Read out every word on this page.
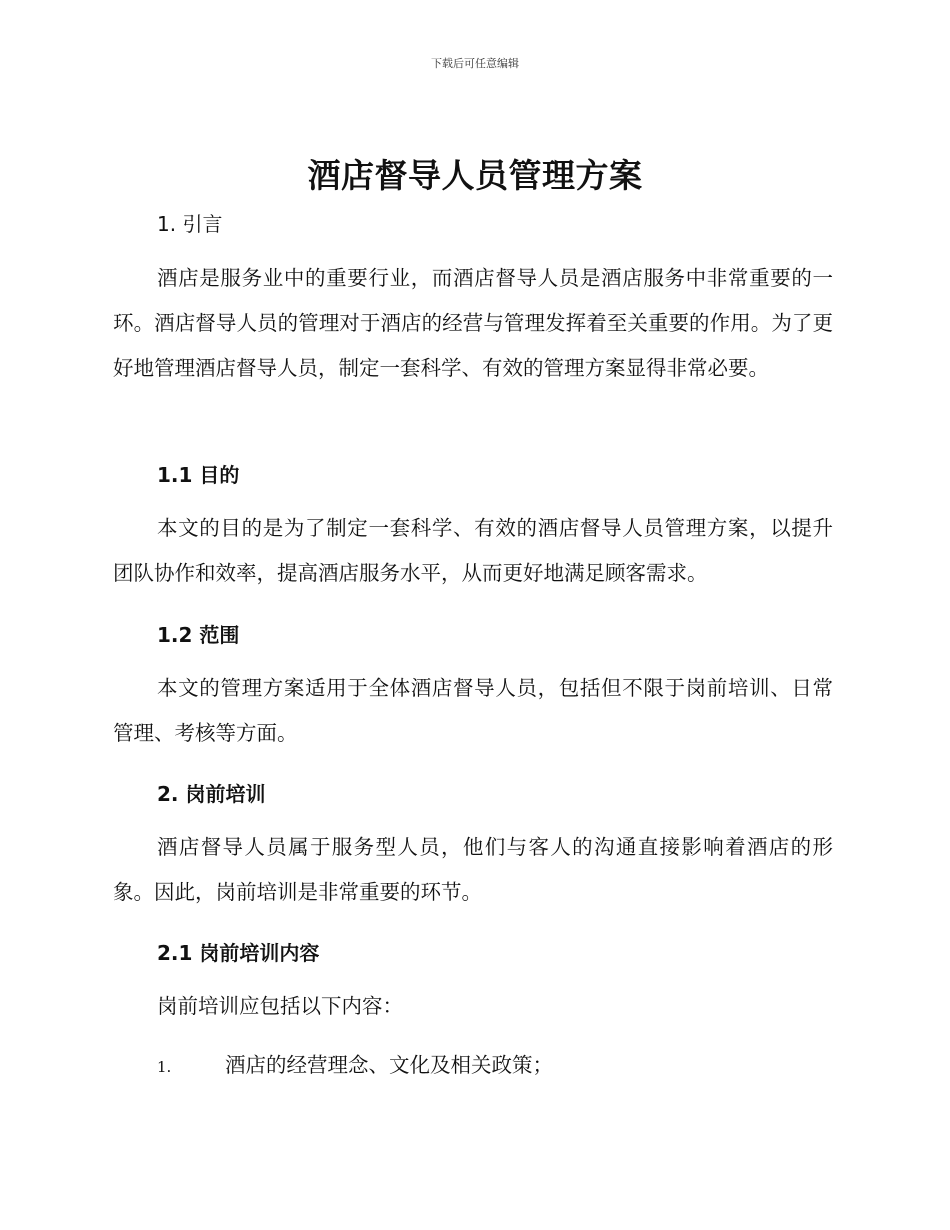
下载后可任意编辑
酒店督导人员管理方案
1. 引言

酒店是服务业中的重要行业，而酒店督导人员是酒店服务中非常重要的一环。酒店督导人员的管理对于酒店的经营与管理发挥着至关重要的作用。为了更好地管理酒店督导人员，制定一套科学、有效的管理方案显得非常必要。

1.1 目的

本文的目的是为了制定一套科学、有效的酒店督导人员管理方案，以提升团队协作和效率，提高酒店服务水平，从而更好地满足顾客需求。

1.2 范围

本文的管理方案适用于全体酒店督导人员，包括但不限于岗前培训、日常管理、考核等方面。

2. 岗前培训

酒店督导人员属于服务型人员，他们与客人的沟通直接影响着酒店的形象。因此，岗前培训是非常重要的环节。

2.1 岗前培训内容

岗前培训应包括以下内容：

1.	酒店的经营理念、文化及相关政策；
